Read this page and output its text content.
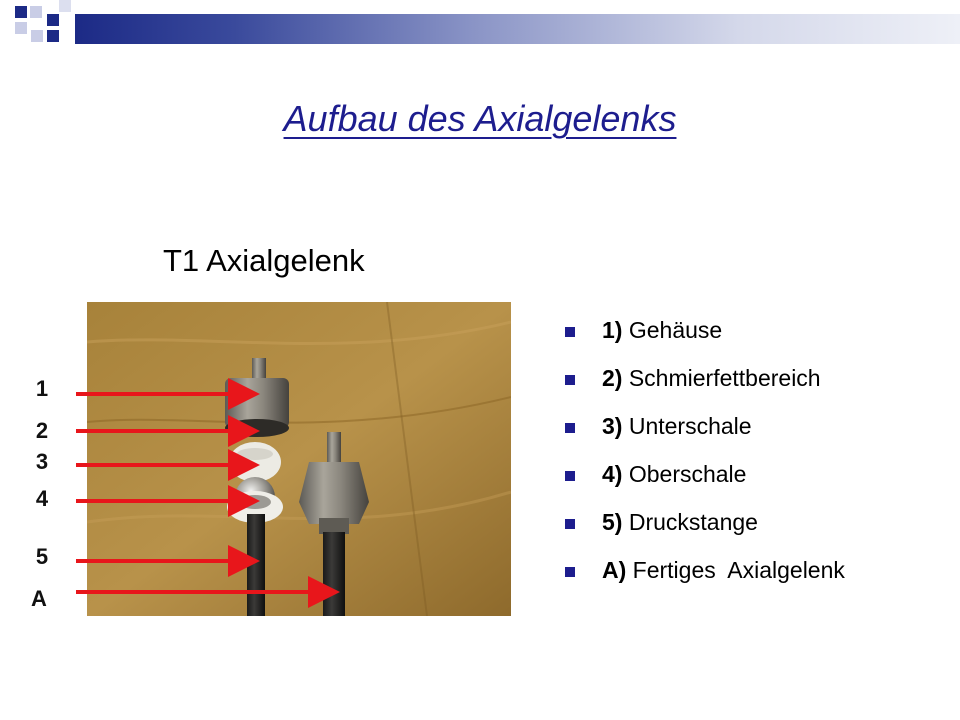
Aufbau des Axialgelenks
T1 Axialgelenk
1
2
3
4
5
A
1) Gehäuse
2) Schmierfettbereich
3) Unterschale
4) Oberschale
5) Druckstange
A) Fertiges  Axialgelenk
